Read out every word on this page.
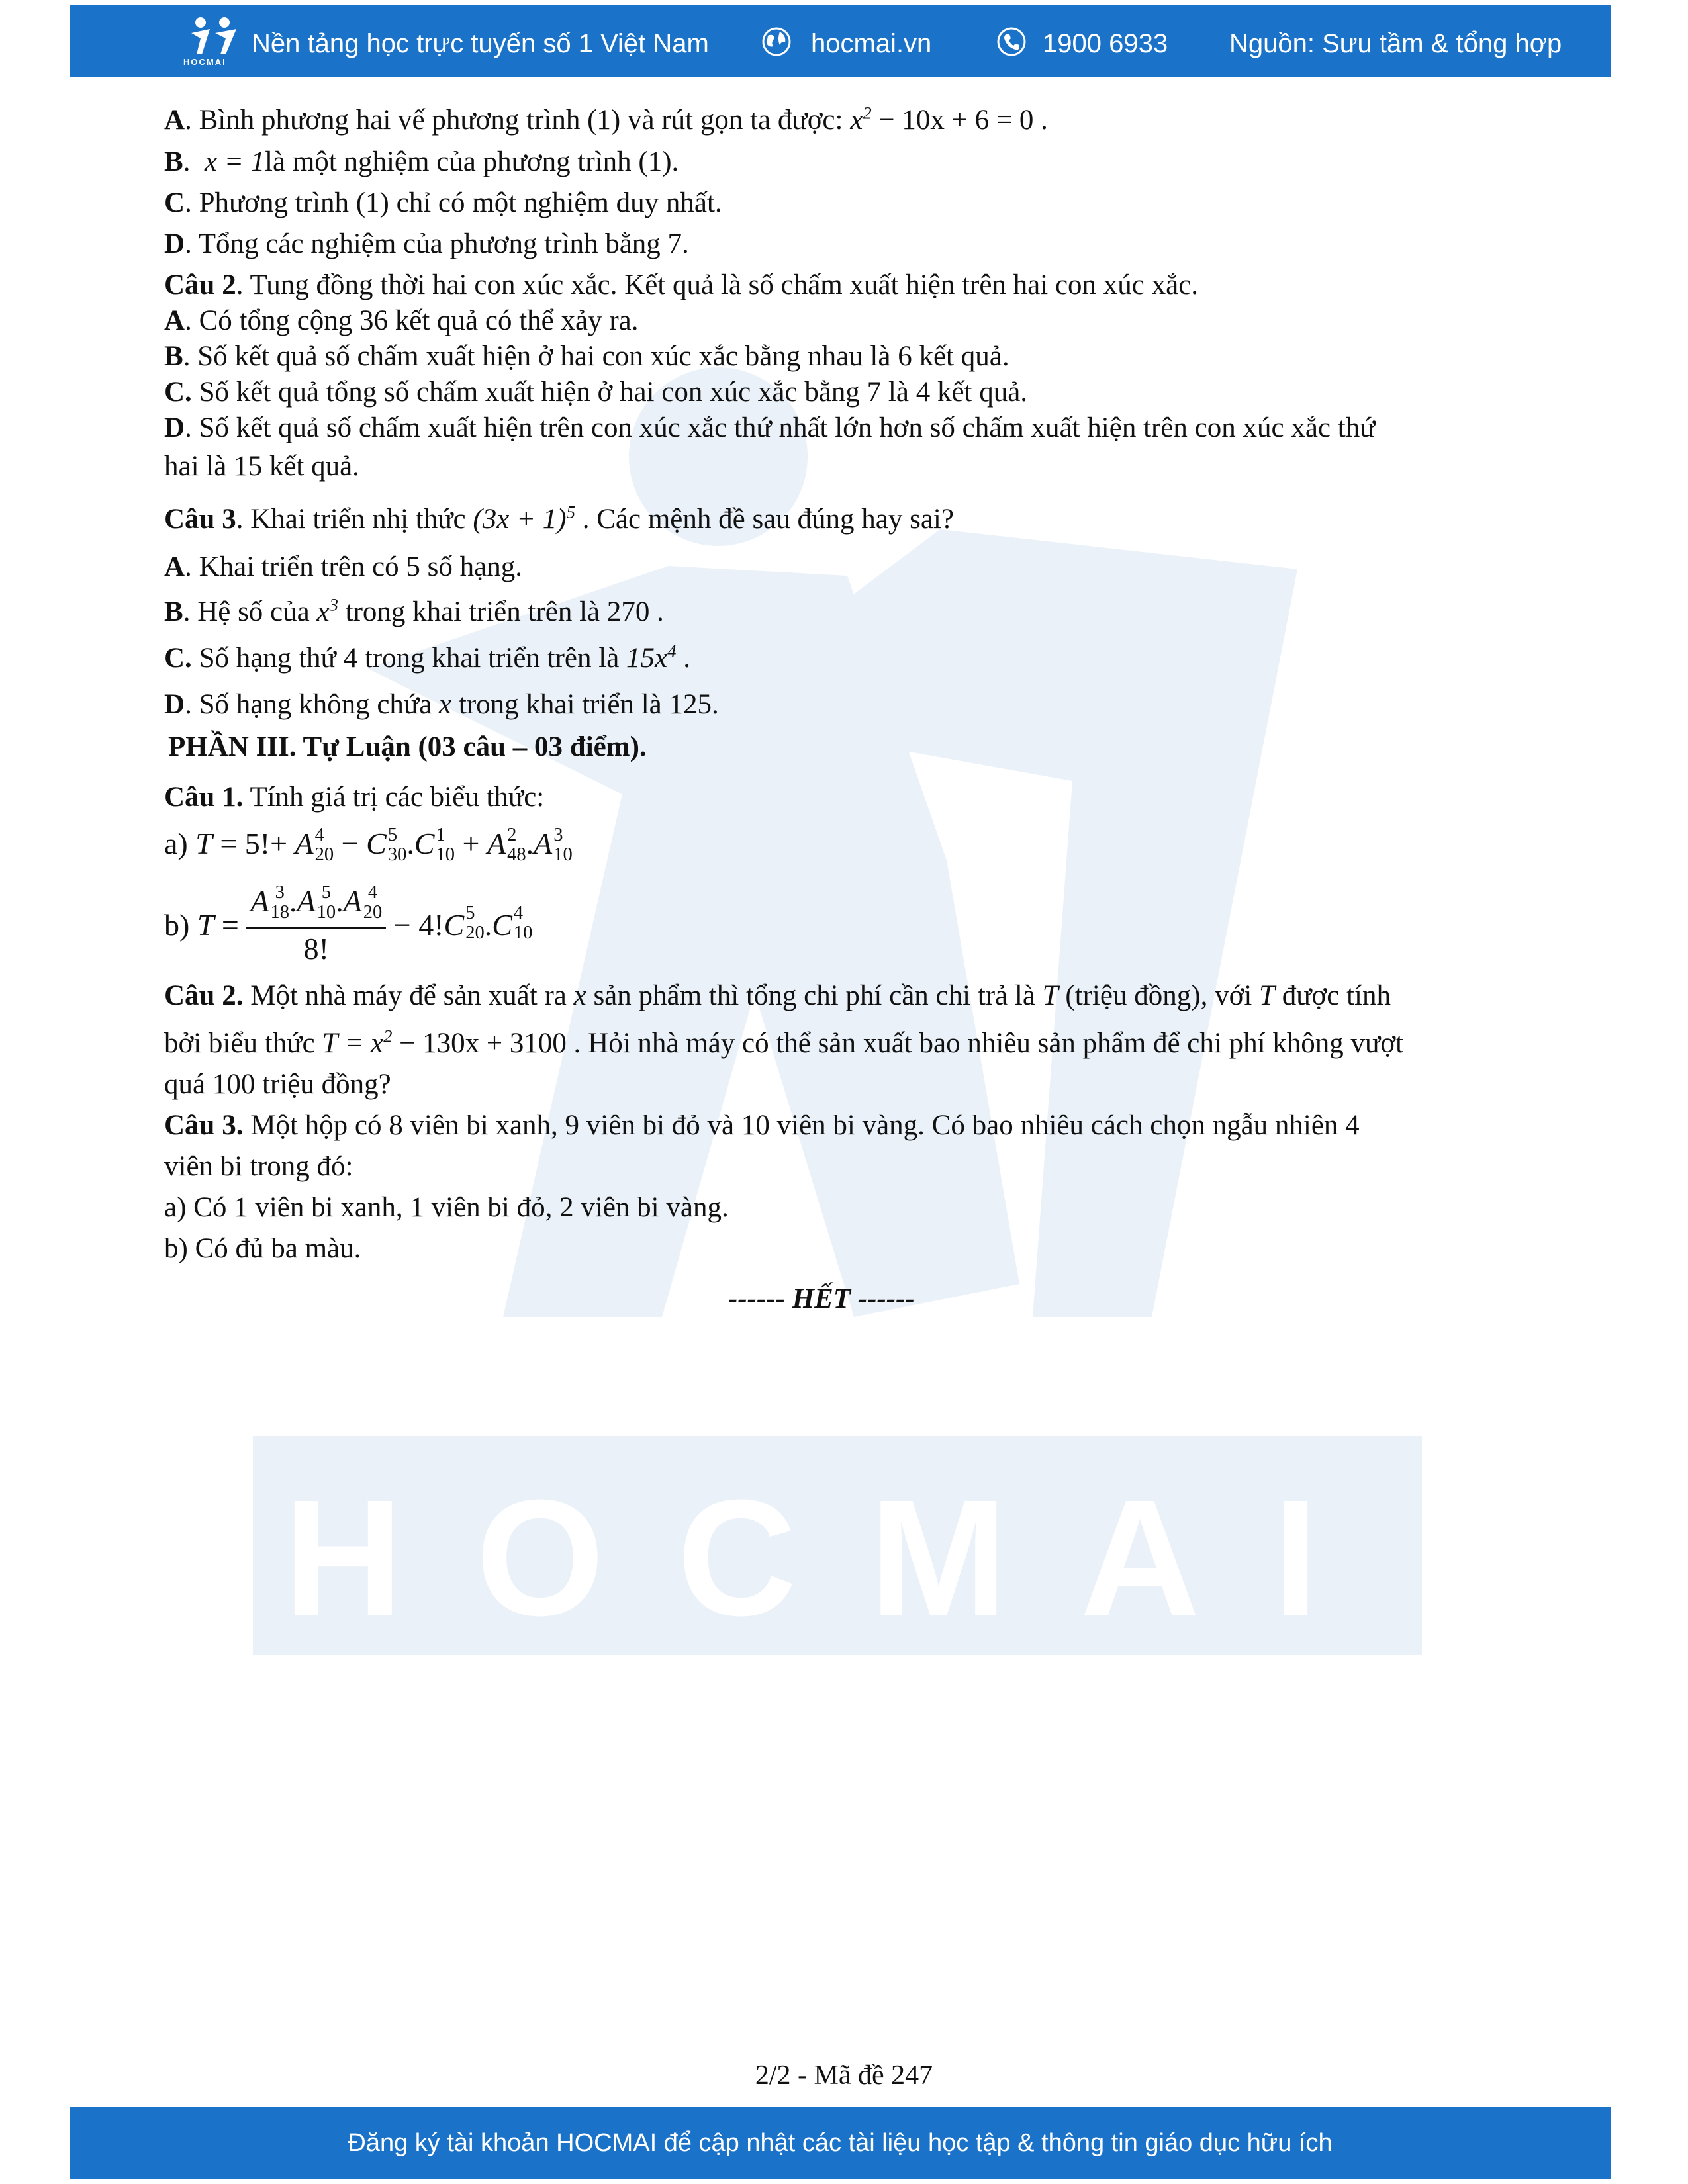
HOCMAI
HOCMAI
Nền tảng học trực tuyến số 1 Việt Nam	hocmai.vn	1900 6933 Nguồn: Sưu tầm & tổng hợp
A. Bình phương hai vế phương trình (1) và rút gọn ta được: $x^2 - 10x + 6 = 0$ .
B.  x = 1là một nghiệm của phương trình (1).
C. Phương trình (1) chỉ có một nghiệm duy nhất.
D. Tổng các nghiệm của phương trình bằng 7.
Câu 2. Tung đồng thời hai con xúc xắc. Kết quả là số chấm xuất hiện trên hai con xúc xắc.
A. Có tổng cộng 36 kết quả có thể xảy ra.
B. Số kết quả số chấm xuất hiện ở hai con xúc xắc bằng nhau là 6 kết quả.
C. Số kết quả tổng số chấm xuất hiện ở hai con xúc xắc bằng 7 là 4 kết quả.
D. Số kết quả số chấm xuất hiện trên con xúc xắc thứ nhất lớn hơn số chấm xuất hiện trên con xúc xắc thứ
hai là 15 kết quả.
Câu 3. Khai triển nhị thức $(3x + 1)^5$ . Các mệnh đề sau đúng hay sai?
A. Khai triển trên có 5 số hạng.
B. Hệ số của $x^3$ trong khai triển trên là 270 .
C. Số hạng thứ 4 trong khai triển trên là $15x^4$ .
D. Số hạng không chứa x trong khai triển là 125.
PHẦN III. Tự Luận (03 câu – 03 điểm).
Câu 1. Tính giá trị các biểu thức:
a) T = 5!+ A 4
20 − C 5
30 .C 1
10 + A 2
48 .A 3
10
b) T = A 3
18 .A 5
10 .A 4
20
8! − 4!C 5
20 .C 4
10
Câu 2. Một nhà máy để sản xuất ra x sản phẩm thì tổng chi phí cần chi trả là T (triệu đồng), với T được tính
bởi biểu thức $T = x^2 - 130x + 3100$ . Hỏi nhà máy có thể sản xuất bao nhiêu sản phẩm để chi phí không vượt
quá 100 triệu đồng?
Câu 3. Một hộp có 8 viên bi xanh, 9 viên bi đỏ và 10 viên bi vàng. Có bao nhiêu cách chọn ngẫu nhiên 4
viên bi trong đó:
a) Có 1 viên bi xanh, 1 viên bi đỏ, 2 viên bi vàng.
b) Có đủ ba màu.
------ HẾT ------
2/2 - Mã đề 247
Đăng ký tài khoản HOCMAI để cập nhật các tài liệu học tập & thông tin giáo dục hữu ích
